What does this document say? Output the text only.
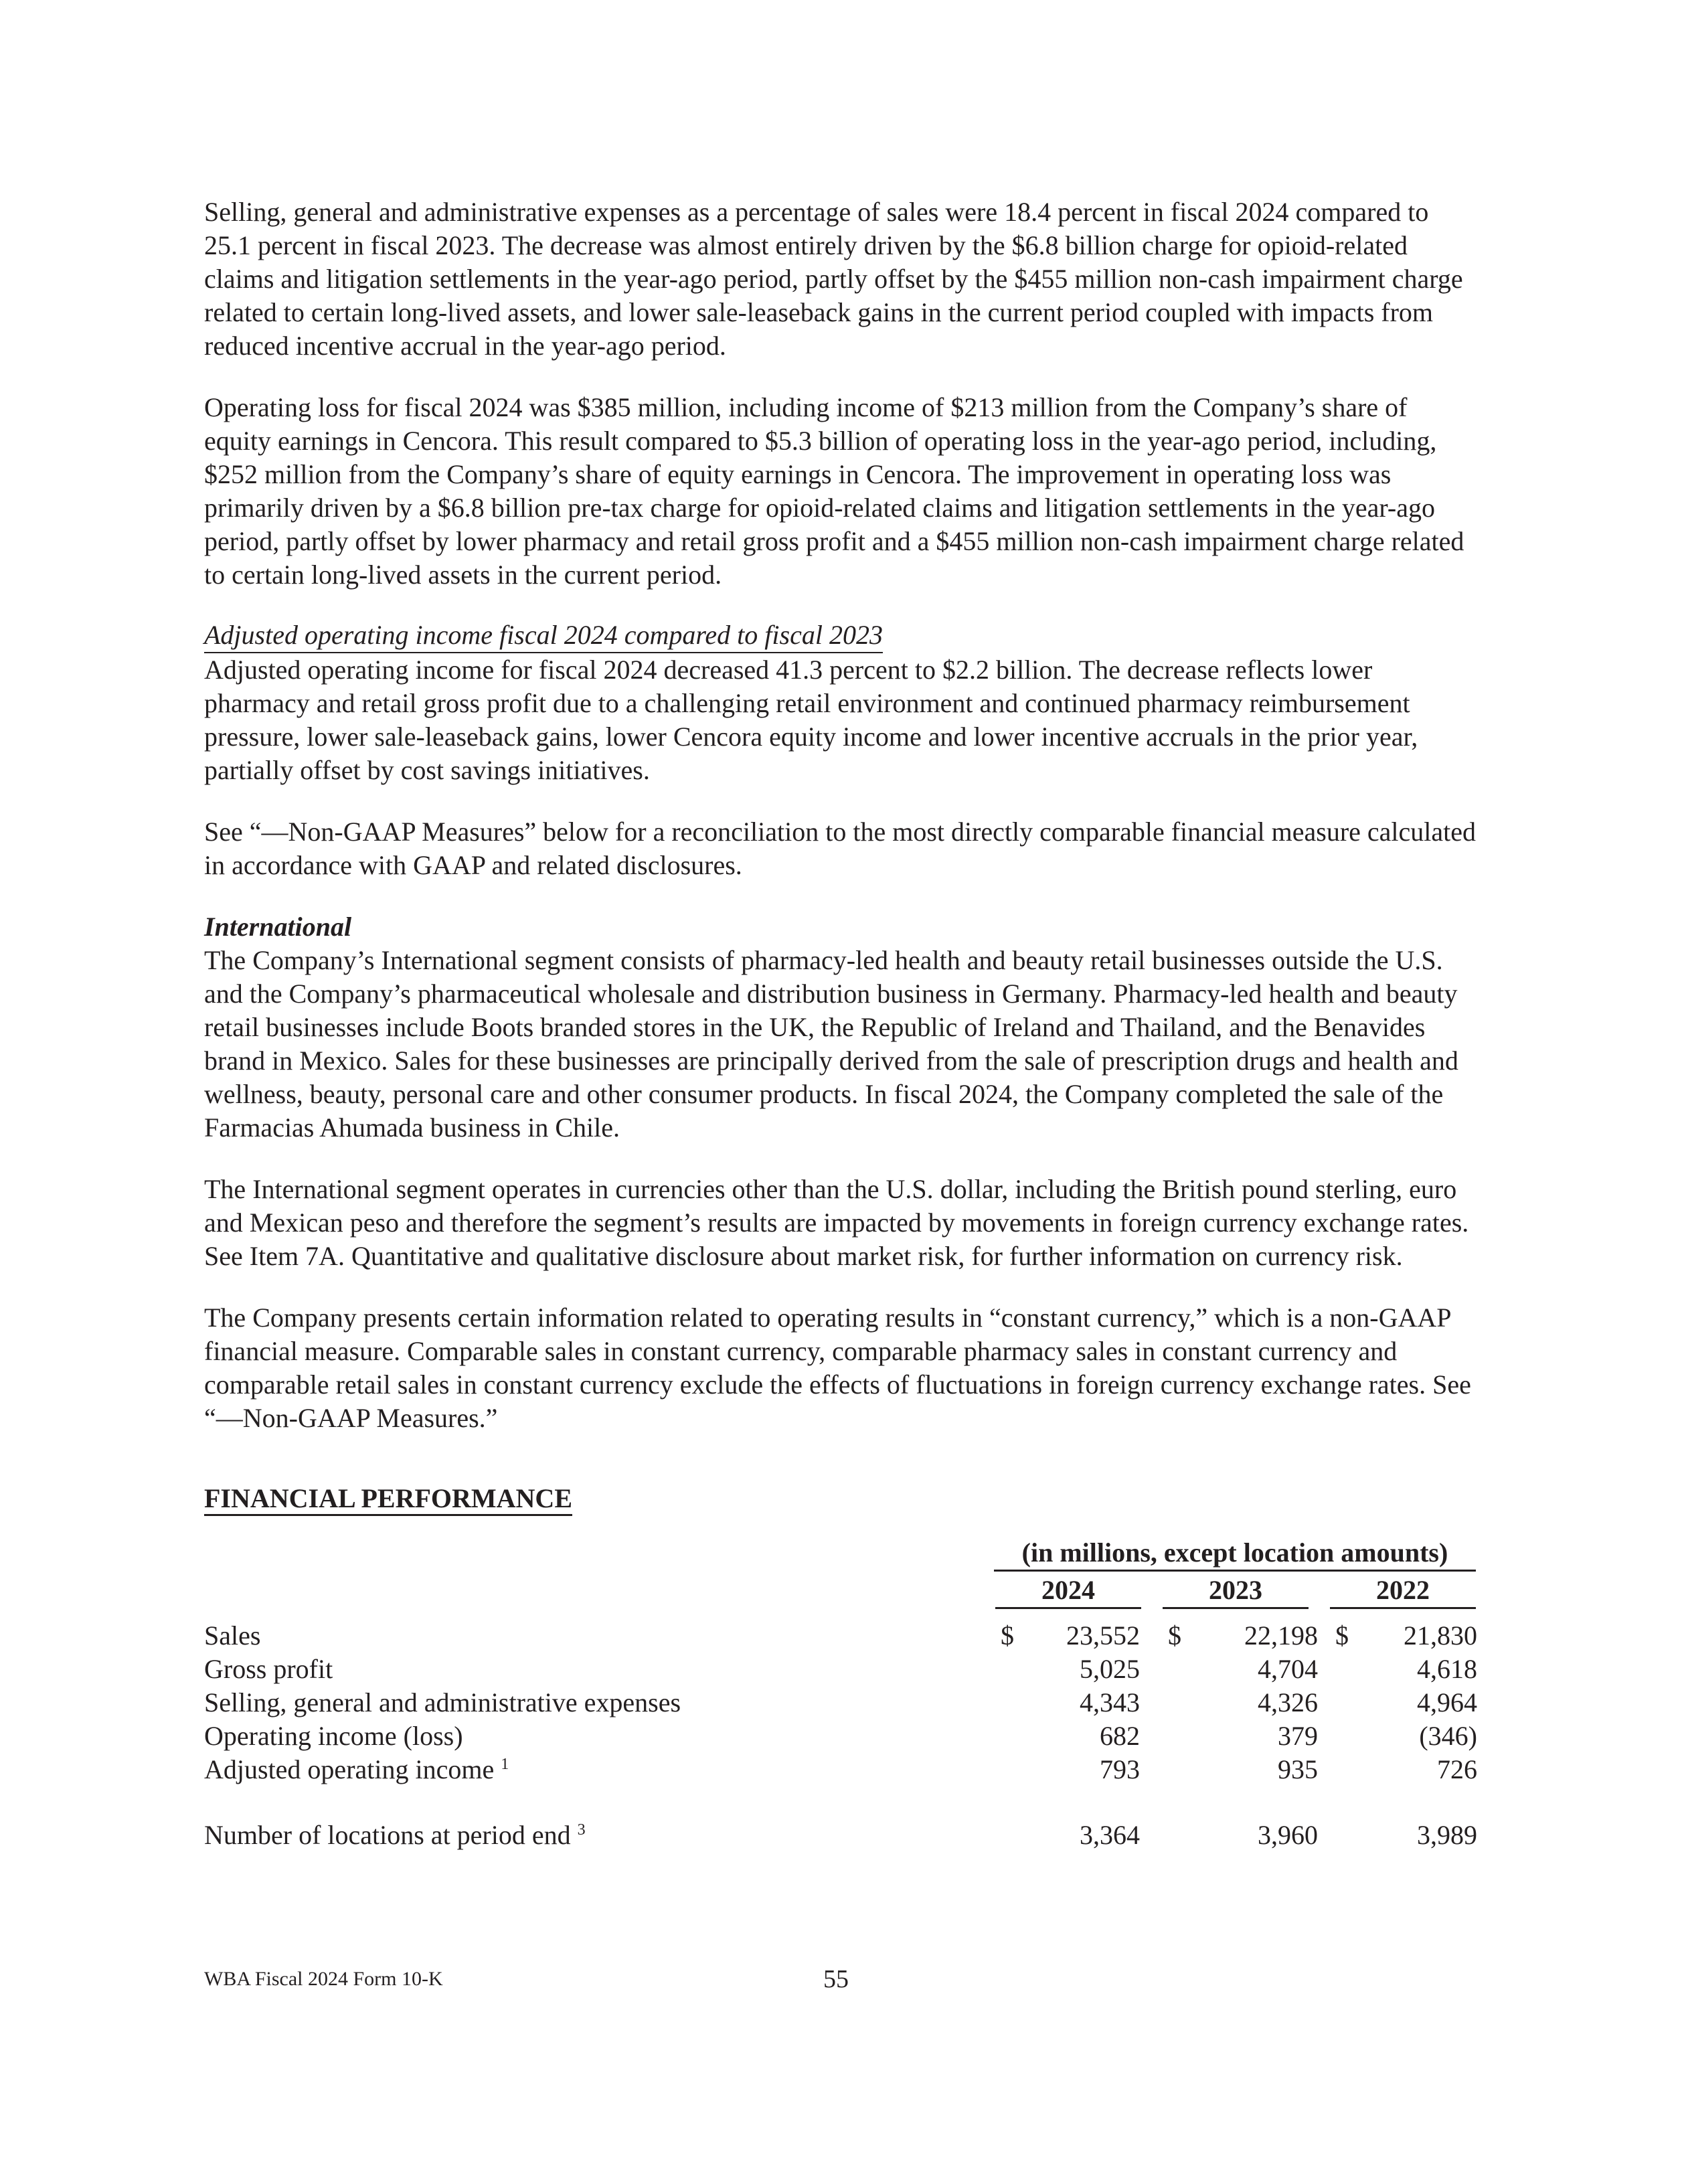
Selling, general and administrative expenses as a percentage of sales were 18.4 percent in fiscal 2024 compared to 25.1 percent in fiscal 2023. The decrease was almost entirely driven by the $6.8 billion charge for opioid-related claims and litigation settlements in the year-ago period, partly offset by the $455 million non-cash impairment charge related to certain long-lived assets, and lower sale-leaseback gains in the current period coupled with impacts from reduced incentive accrual in the year-ago period.

Operating loss for fiscal 2024 was $385 million, including income of $213 million from the Company’s share of equity earnings in Cencora. This result compared to $5.3 billion of operating loss in the year-ago period, including, $252 million from the Company’s share of equity earnings in Cencora. The improvement in operating loss was primarily driven by a $6.8 billion pre-tax charge for opioid-related claims and litigation settlements in the year-ago period, partly offset by lower pharmacy and retail gross profit and a $455 million non-cash impairment charge related to certain long-lived assets in the current period.

Adjusted operating income fiscal 2024 compared to fiscal 2023

Adjusted operating income for fiscal 2024 decreased 41.3 percent to $2.2 billion. The decrease reflects lower pharmacy and retail gross profit due to a challenging retail environment and continued pharmacy reimbursement pressure, lower sale-leaseback gains, lower Cencora equity income and lower incentive accruals in the prior year, partially offset by cost savings initiatives.

See “—Non-GAAP Measures” below for a reconciliation to the most directly comparable financial measure calculated in accordance with GAAP and related disclosures.

International

The Company’s International segment consists of pharmacy-led health and beauty retail businesses outside the U.S. and the Company’s pharmaceutical wholesale and distribution business in Germany. Pharmacy-led health and beauty retail businesses include Boots branded stores in the UK, the Republic of Ireland and Thailand, and the Benavides brand in Mexico. Sales for these businesses are principally derived from the sale of prescription drugs and health and wellness, beauty, personal care and other consumer products. In fiscal 2024, the Company completed the sale of the Farmacias Ahumada business in Chile.

The International segment operates in currencies other than the U.S. dollar, including the British pound sterling, euro and Mexican peso and therefore the segment’s results are impacted by movements in foreign currency exchange rates. See Item 7A. Quantitative and qualitative disclosure about market risk, for further information on currency risk.

The Company presents certain information related to operating results in “constant currency,” which is a non-GAAP financial measure. Comparable sales in constant currency, comparable pharmacy sales in constant currency and comparable retail sales in constant currency exclude the effects of fluctuations in foreign currency exchange rates. See “—Non-GAAP Measures.”

FINANCIAL PERFORMANCE
(in millions, except location amounts)
2024	2023	2022
Sales	$	23,552 $	22,198 $	21,830
Gross profit	5,025	4,704	4,618
Selling, general and administrative expenses	4,343	4,326	4,964
Operating income (loss)	682	379	(346)
Adjusted operating income $^1$	793	935	726
Number of locations at period end $^3$	3,364	3,960	3,989
WBA Fiscal 2024 Form 10-K	55
